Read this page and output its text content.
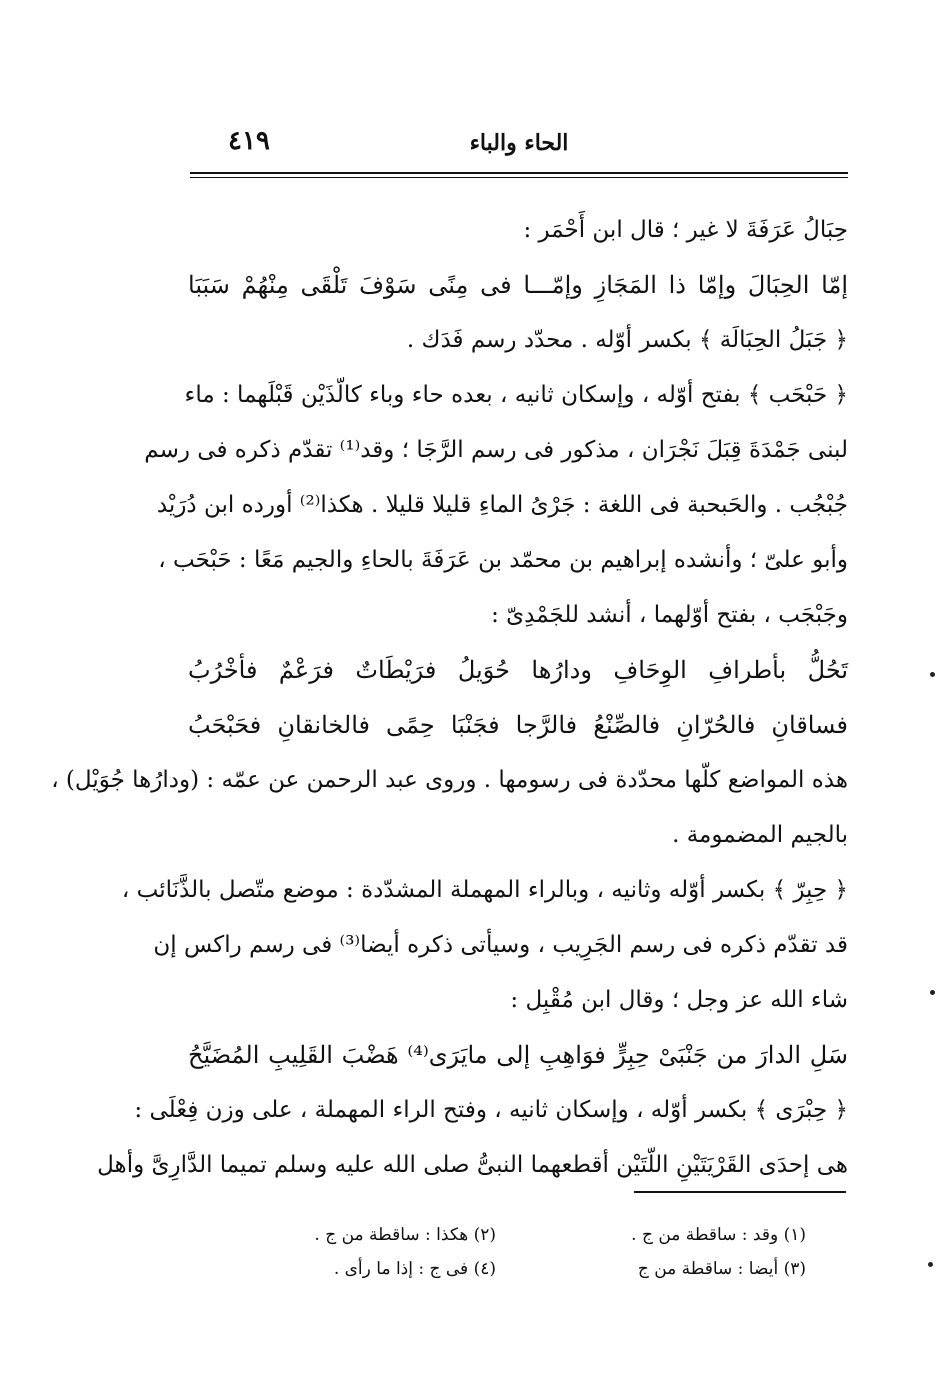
الحاء والباء
٤١٩
حِبَالُ عَرَفَةَ لا غير ؛ قال ابن أَحْمَر :
إمّا الحِبَالَ وإمّا ذا المَجَازِ وإمّـــا فى مِنًى سَوْفَ تَلْقَى مِنْهُمْ سَبَبَا
﴿ جَبَلُ الحِبَالَة ﴾ بكسر أوّله . محدّد رسم فَدَك .
﴿ حَبْحَب ﴾ بفتح أوّله ، وإسكان ثانيه ، بعده حاء وباء كالّذَيْن قَبْلَهما : ماء
لبنى جَمْدَةَ قِبَلَ نَجْرَان ، مذكور فى رسم الرَّجَا ؛ وقد⁽¹⁾ تقدّم ذكره فى رسم
جُبْجُب . والحَبحبة فى اللغة : جَرْىُ الماءِ قليلا قليلا . هكذا⁽²⁾ أورده ابن دُرَيْد
وأبو علىّ ؛ وأنشده إبراهيم بن محمّد بن عَرَفَةَ بالحاءِ والجيم مَعًا : حَبْحَب ،
وجَبْجَب ، بفتح أوّلهما ، أنشد للجَمْدِىّ :
تَحُلُّ بأطرافِ الوِحَافِ ودارُها حُوَيلُ فرَيْطَاتٌ فرَعْمٌ فأخْرُبُ
فساقانِ فالحُرّانِ فالصِّنْعُ فالرَّجا فجَنْبَا حِمًى فالخانقانِ فحَبْحَبُ
هذه المواضع كلّها محدّدة فى رسومها . وروى عبد الرحمن عن عمّه : (ودارُها جُوَيْل) ،
بالجيم المضمومة .
﴿ حِبِرّ ﴾ بكسر أوّله وثانيه ، وبالراء المهملة المشدّدة : موضع متّصل بالذَّنَائب ،
قد تقدّم ذكره فى رسم الجَرِيب ، وسيأتى ذكره أيضا⁽³⁾ فى رسم راكس إن
شاء الله عز وجل ؛ وقال ابن مُقْبِل :
سَلِ الدارَ من جَنْبَىْ حِبِرٍّ فوَاهِبِ إلى مايَرَى⁽⁴⁾ هَضْبَ القَلِيبِ المُضَيَّحُ
﴿ حِبْرَى ﴾ بكسر أوّله ، وإسكان ثانيه ، وفتح الراء المهملة ، على وزن فِعْلَى :
هى إحدَى القَرْيَتَيْنِ اللّتَيْن أقطعهما النبىُّ صلى الله عليه وسلم تميما الدَّارِىَّ وأهل
(١) وقد : ساقطة من ج .
(٢) هكذا : ساقطة من ج .
(٣) أيضا : ساقطة من ج
(٤) فى ج : إذا ما رأى .
